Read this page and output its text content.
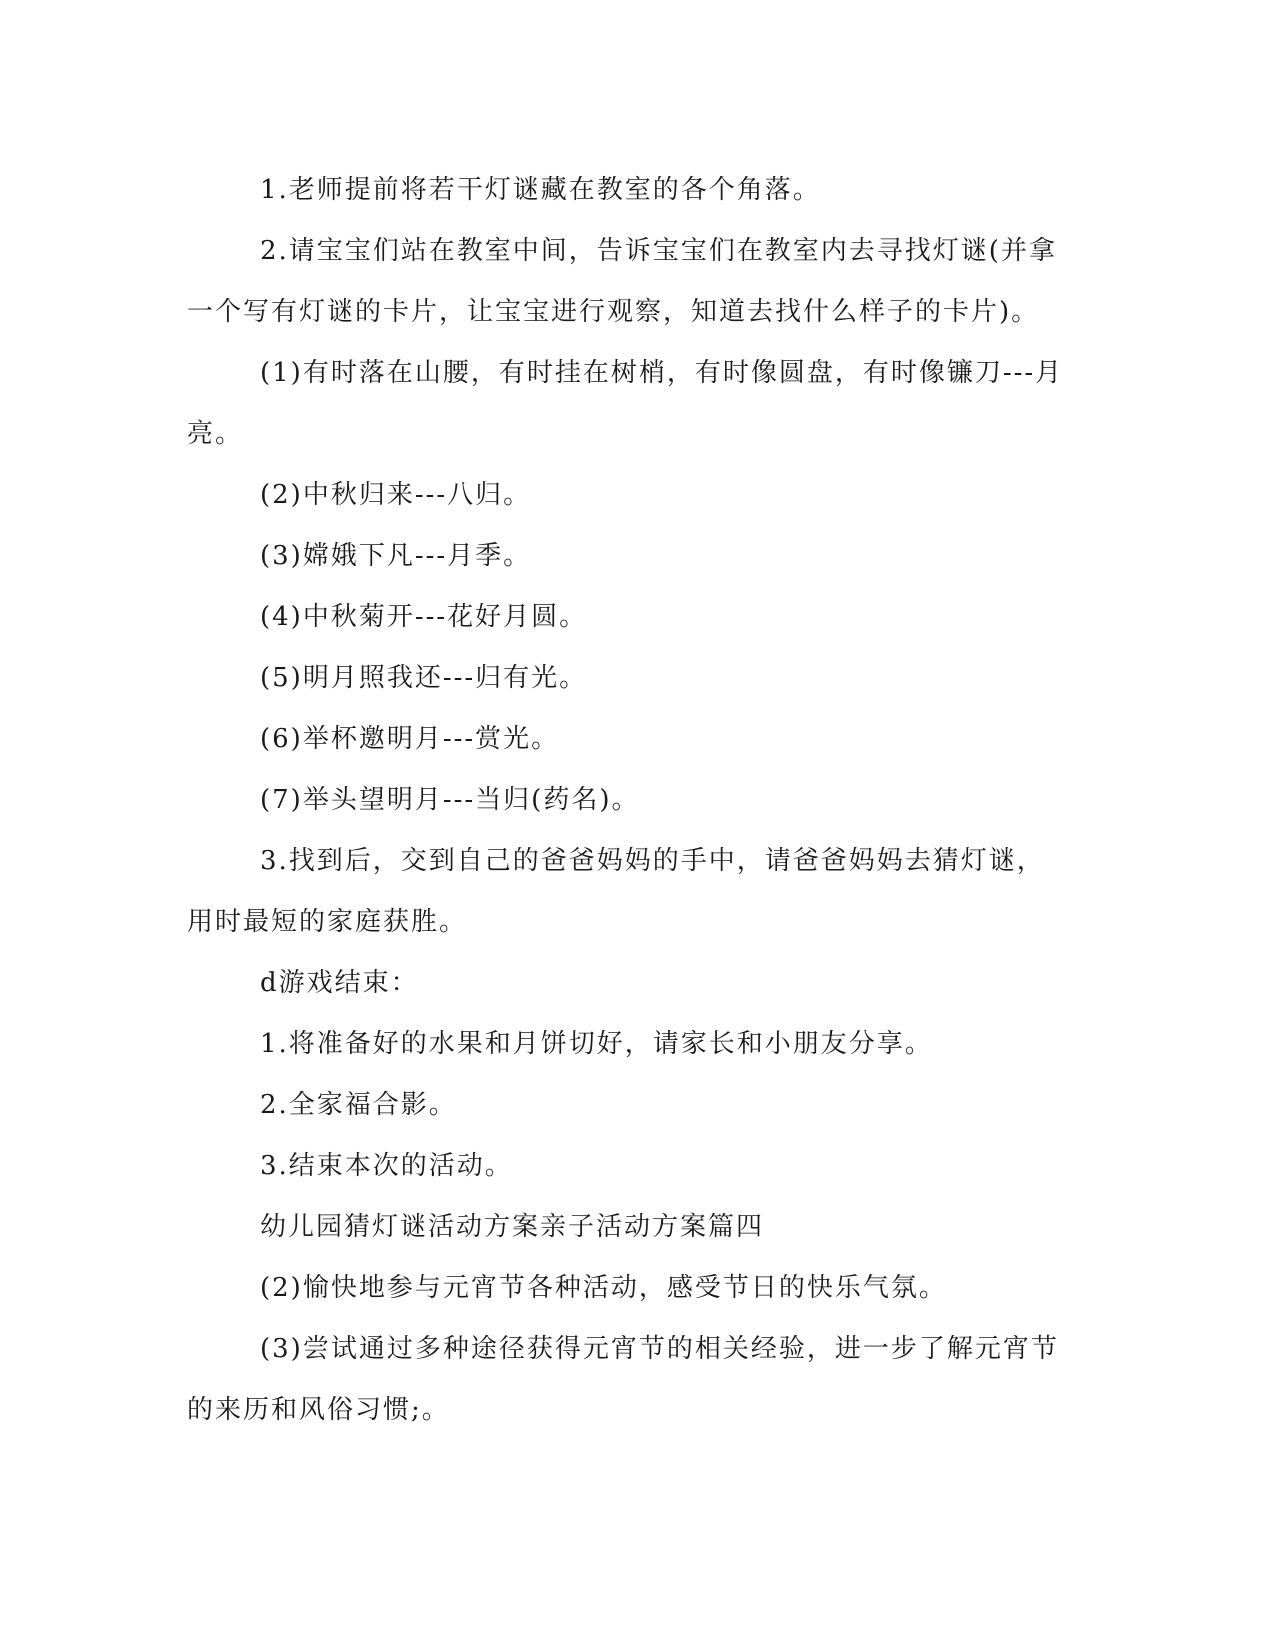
1.老师提前将若干灯谜藏在教室的各个角落。

2.请宝宝们站在教室中间，告诉宝宝们在教室内去寻找灯谜(并拿一个写有灯谜的卡片，让宝宝进行观察，知道去找什么样子的卡片)。

(1)有时落在山腰，有时挂在树梢，有时像圆盘，有时像镰刀---月亮。

(2)中秋归来---八归。

(3)嫦娥下凡---月季。

(4)中秋菊开---花好月圆。

(5)明月照我还---归有光。

(6)举杯邀明月---赏光。

(7)举头望明月---当归(药名)。

3.找到后，交到自己的爸爸妈妈的手中，请爸爸妈妈去猜灯谜，用时最短的家庭获胜。

d游戏结束：

1.将准备好的水果和月饼切好，请家长和小朋友分享。

2.全家福合影。

3.结束本次的活动。

幼儿园猜灯谜活动方案亲子活动方案篇四

(2)愉快地参与元宵节各种活动，感受节日的快乐气氛。

(3)尝试通过多种途径获得元宵节的相关经验，进一步了解元宵节的来历和风俗习惯;。
